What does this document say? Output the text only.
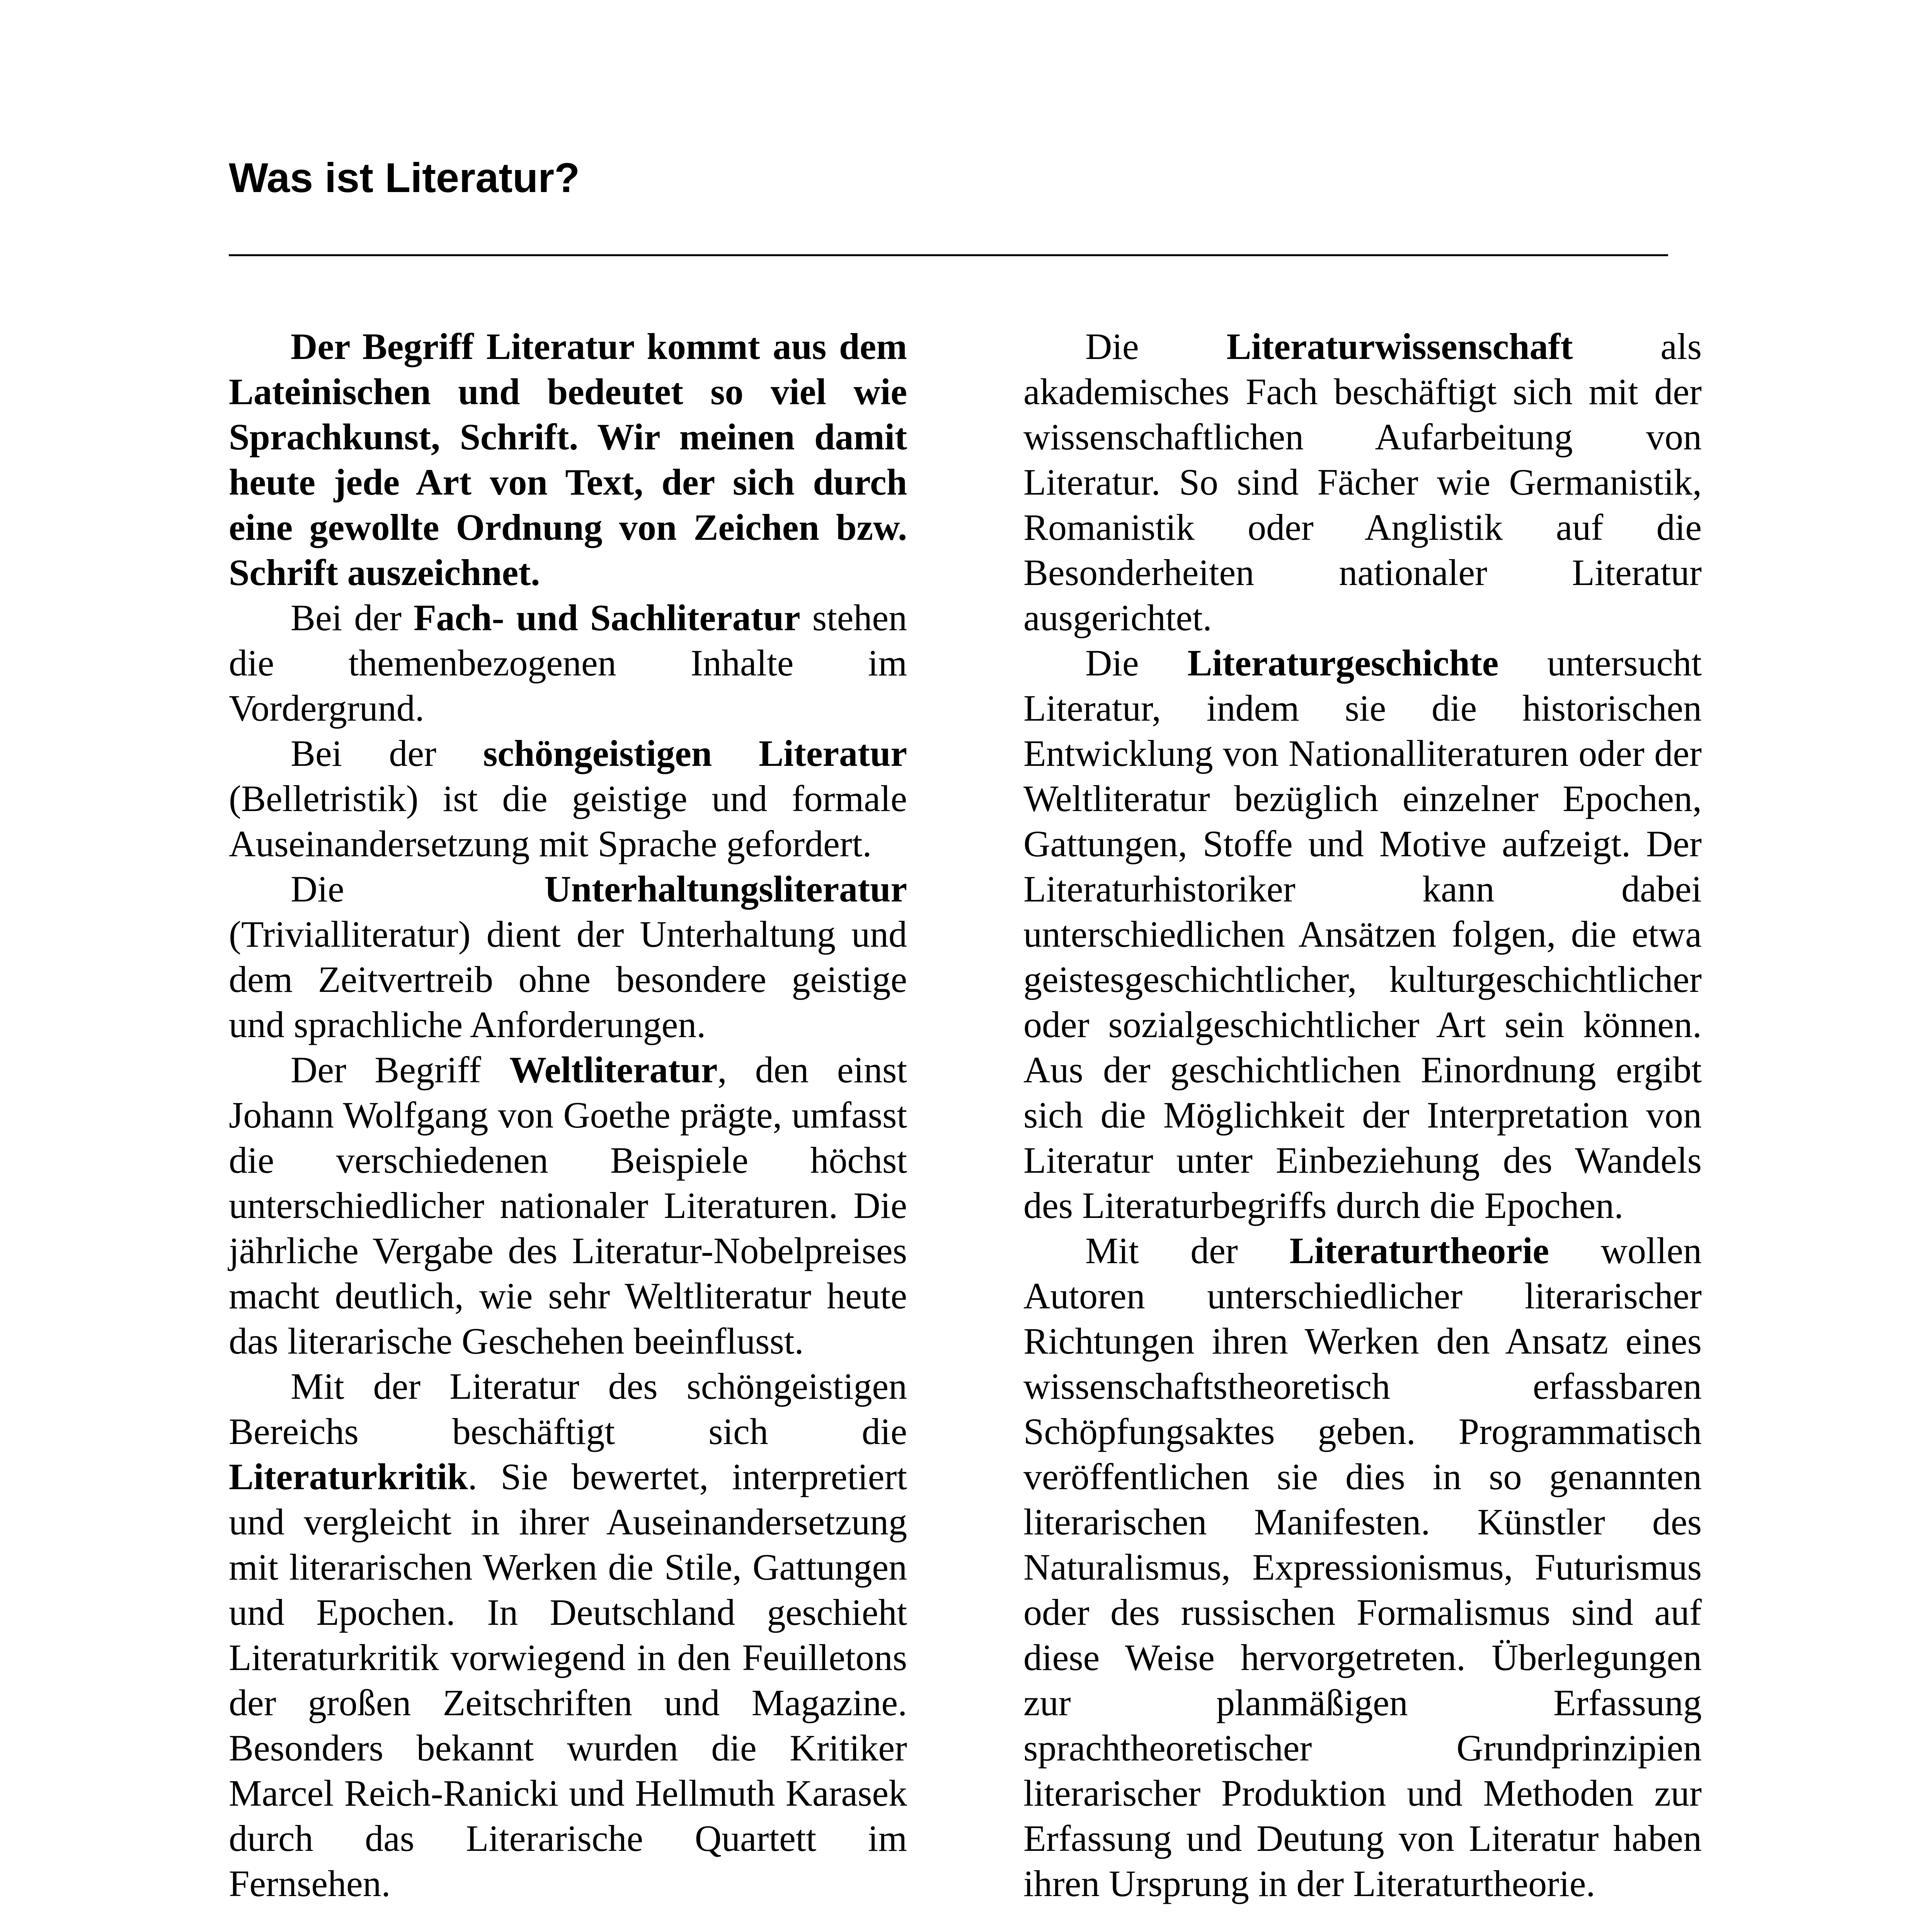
Was ist Literatur?

Der Begriff Literatur kommt aus dem Lateinischen und bedeutet so viel wie Sprachkunst, Schrift. Wir meinen damit heute jede Art von Text, der sich durch eine gewollte Ordnung von Zeichen bzw. Schrift auszeichnet.

Bei der Fach- und Sachliteratur stehen die themenbezogenen Inhalte im Vordergrund.

Bei der schöngeistigen Literatur (Belletristik) ist die geistige und formale Auseinandersetzung mit Sprache gefordert.

Die Unterhaltungsliteratur (Trivialliteratur) dient der Unterhaltung und dem Zeitvertreib ohne besondere geistige und sprachliche Anforderungen.

Der Begriff Weltliteratur, den einst Johann Wolfgang von Goethe prägte, umfasst die verschiedenen Beispiele höchst unterschiedlicher nationaler Literaturen. Die jährliche Vergabe des Literatur-Nobelpreises macht deutlich, wie sehr Weltliteratur heute das literarische Geschehen beeinflusst.

Mit der Literatur des schöngeistigen Bereichs beschäftigt sich die Literaturkritik. Sie bewertet, interpretiert und vergleicht in ihrer Auseinandersetzung mit literarischen Werken die Stile, Gattungen und Epochen. In Deutschland geschieht Literaturkritik vorwiegend in den Feuilletons der großen Zeitschriften und Magazine. Besonders bekannt wurden die Kritiker Marcel Reich-Ranicki und Hellmuth Karasek durch das Literarische Quartett im Fernsehen.

Die Literaturwissenschaft als akademisches Fach beschäftigt sich mit der wissenschaftlichen Aufarbeitung von Literatur. So sind Fächer wie Germanistik, Romanistik oder Anglistik auf die Besonderheiten nationaler Literatur ausgerichtet.

Die Literaturgeschichte untersucht Literatur, indem sie die historischen Entwicklung von Nationalliteraturen oder der Weltliteratur bezüglich einzelner Epochen, Gattungen, Stoffe und Motive aufzeigt. Der Literaturhistoriker kann dabei unterschiedlichen Ansätzen folgen, die etwa geistesgeschichtlicher, kulturgeschichtlicher oder sozialgeschichtlicher Art sein können. Aus der geschichtlichen Einordnung ergibt sich die Möglichkeit der Interpretation von Literatur unter Einbeziehung des Wandels des Literaturbegriffs durch die Epochen.

Mit der Literaturtheorie wollen Autoren unterschiedlicher literarischer Richtungen ihren Werken den Ansatz eines wissenschaftstheoretisch erfassbaren Schöpfungsaktes geben. Programmatisch veröffentlichen sie dies in so genannten literarischen Manifesten. Künstler des Naturalismus, Expressionismus, Futurismus oder des russischen Formalismus sind auf diese Weise hervorgetreten. Überlegungen zur planmäßigen Erfassung sprachtheoretischer Grundprinzipien literarischer Produktion und Methoden zur Erfassung und Deutung von Literatur haben ihren Ursprung in der Literaturtheorie.
